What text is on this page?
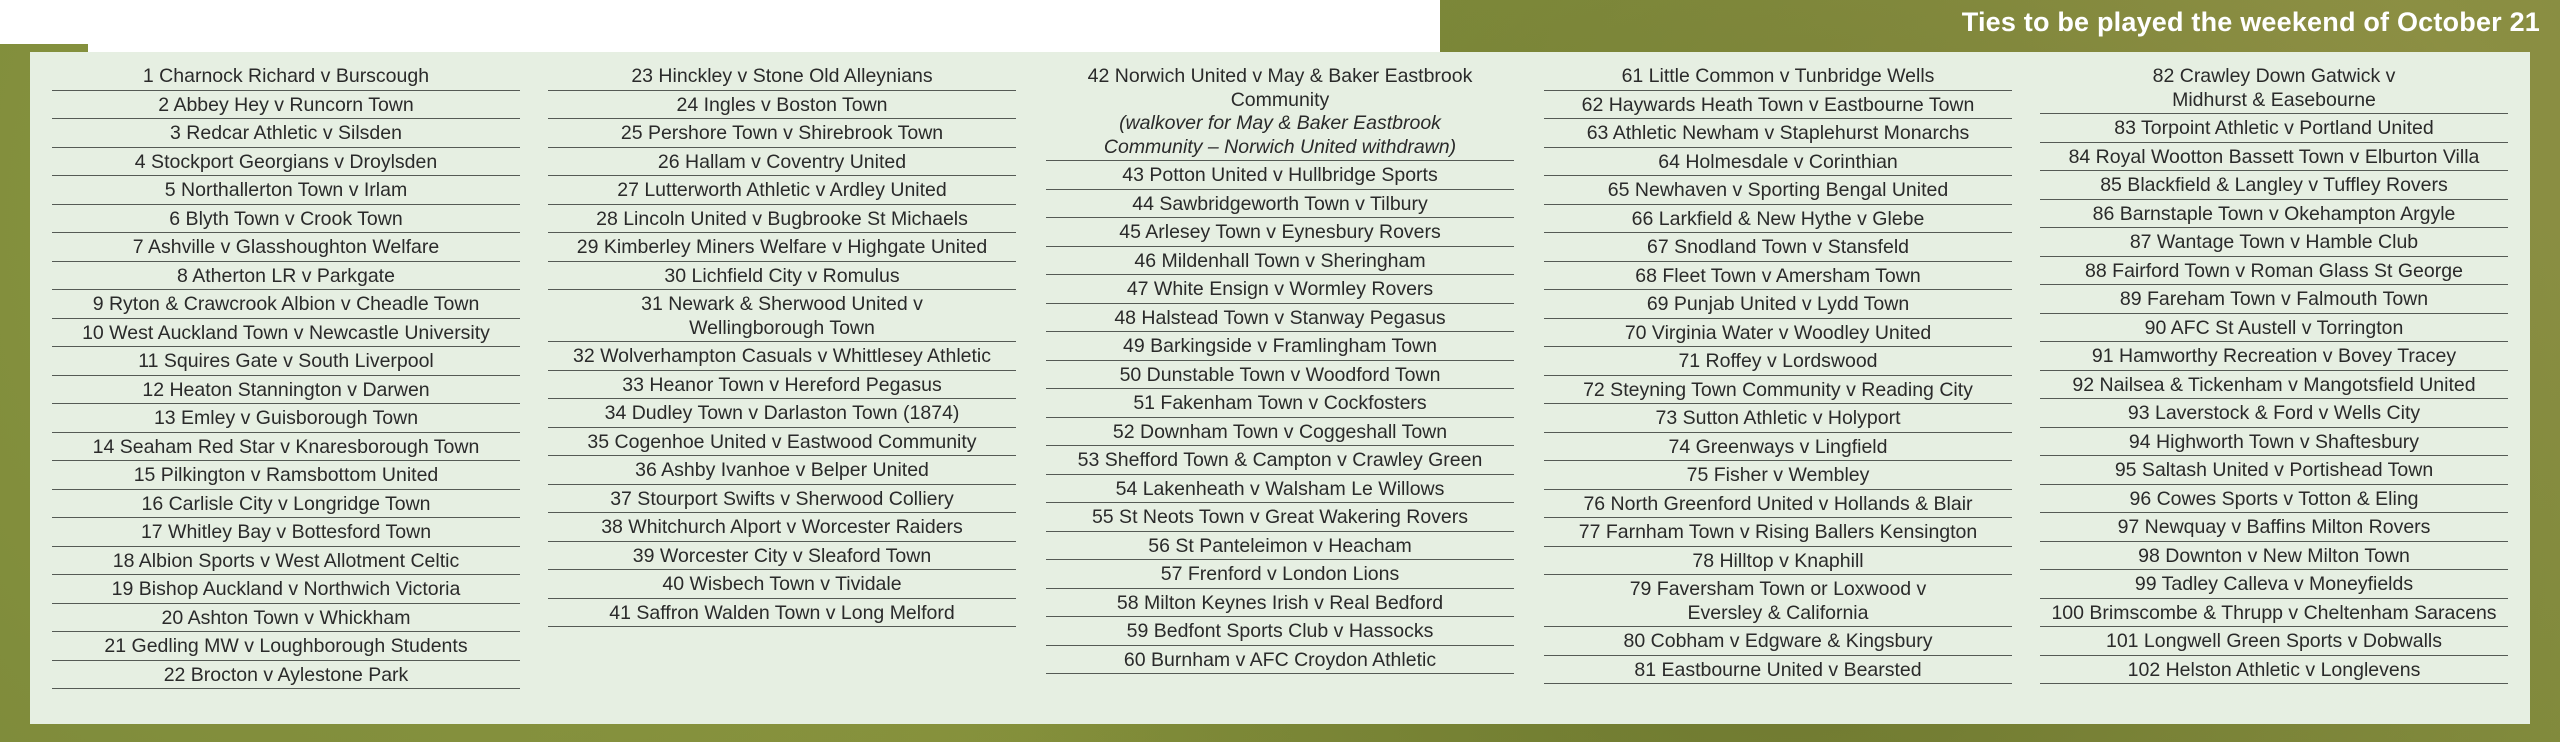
Ties to be played the weekend of October 21
1 Charnock Richard v Burscough
2 Abbey Hey v Runcorn Town
3 Redcar Athletic v Silsden
4 Stockport Georgians v Droylsden
5 Northallerton Town v Irlam
6 Blyth Town v Crook Town
7 Ashville v Glasshoughton Welfare
8 Atherton LR v Parkgate
9 Ryton & Crawcrook Albion v Cheadle Town
10 West Auckland Town v Newcastle University
11 Squires Gate v South Liverpool
12 Heaton Stannington v Darwen
13 Emley v Guisborough Town
14 Seaham Red Star v Knaresborough Town
15 Pilkington v Ramsbottom United
16 Carlisle City v Longridge Town
17 Whitley Bay v Bottesford Town
18 Albion Sports v West Allotment Celtic
19 Bishop Auckland v Northwich Victoria
20 Ashton Town v Whickham
21 Gedling MW v Loughborough Students
22 Brocton v Aylestone Park
23 Hinckley v Stone Old Alleynians
24 Ingles v Boston Town
25 Pershore Town v Shirebrook Town
26 Hallam v Coventry United
27 Lutterworth Athletic v Ardley United
28 Lincoln United v Bugbrooke St Michaels
29 Kimberley Miners Welfare v Highgate United
30 Lichfield City v Romulus
31 Newark & Sherwood United v
Wellingborough Town
32 Wolverhampton Casuals v Whittlesey Athletic
33 Heanor Town v Hereford Pegasus
34 Dudley Town v Darlaston Town (1874)
35 Cogenhoe United v Eastwood Community
36 Ashby Ivanhoe v Belper United
37 Stourport Swifts v Sherwood Colliery
38 Whitchurch Alport v Worcester Raiders
39 Worcester City v Sleaford Town
40 Wisbech Town v Tividale
41 Saffron Walden Town v Long Melford
42 Norwich United v May & Baker Eastbrook
Community
(walkover for May & Baker Eastbrook
Community – Norwich United withdrawn)
43 Potton United v Hullbridge Sports
44 Sawbridgeworth Town v Tilbury
45 Arlesey Town v Eynesbury Rovers
46 Mildenhall Town v Sheringham
47 White Ensign v Wormley Rovers
48 Halstead Town v Stanway Pegasus
49 Barkingside v Framlingham Town
50 Dunstable Town v Woodford Town
51 Fakenham Town v Cockfosters
52 Downham Town v Coggeshall Town
53 Shefford Town & Campton v Crawley Green
54 Lakenheath v Walsham Le Willows
55 St Neots Town v Great Wakering Rovers
56 St Panteleimon v Heacham
57 Frenford v London Lions
58 Milton Keynes Irish v Real Bedford
59 Bedfont Sports Club v Hassocks
60 Burnham v AFC Croydon Athletic
61 Little Common v Tunbridge Wells
62 Haywards Heath Town v Eastbourne Town
63 Athletic Newham v Staplehurst Monarchs
64 Holmesdale v Corinthian
65 Newhaven v Sporting Bengal United
66 Larkfield & New Hythe v Glebe
67 Snodland Town v Stansfeld
68 Fleet Town v Amersham Town
69 Punjab United v Lydd Town
70 Virginia Water v Woodley United
71 Roffey v Lordswood
72 Steyning Town Community v Reading City
73 Sutton Athletic v Holyport
74 Greenways v Lingfield
75 Fisher v Wembley
76 North Greenford United v Hollands & Blair
77 Farnham Town v Rising Ballers Kensington
78 Hilltop v Knaphill
79 Faversham Town or Loxwood v
Eversley & California
80 Cobham v Edgware & Kingsbury
81 Eastbourne United v Bearsted
82 Crawley Down Gatwick v
Midhurst & Easebourne
83 Torpoint Athletic v Portland United
84 Royal Wootton Bassett Town v Elburton Villa
85 Blackfield & Langley v Tuffley Rovers
86 Barnstaple Town v Okehampton Argyle
87 Wantage Town v Hamble Club
88 Fairford Town v Roman Glass St George
89 Fareham Town v Falmouth Town
90 AFC St Austell v Torrington
91 Hamworthy Recreation v Bovey Tracey
92 Nailsea & Tickenham v Mangotsfield United
93 Laverstock & Ford v Wells City
94 Highworth Town v Shaftesbury
95 Saltash United v Portishead Town
96 Cowes Sports v Totton & Eling
97 Newquay v Baffins Milton Rovers
98 Downton v New Milton Town
99 Tadley Calleva v Moneyfields
100 Brimscombe & Thrupp v Cheltenham Saracens
101 Longwell Green Sports v Dobwalls
102 Helston Athletic v Longlevens
